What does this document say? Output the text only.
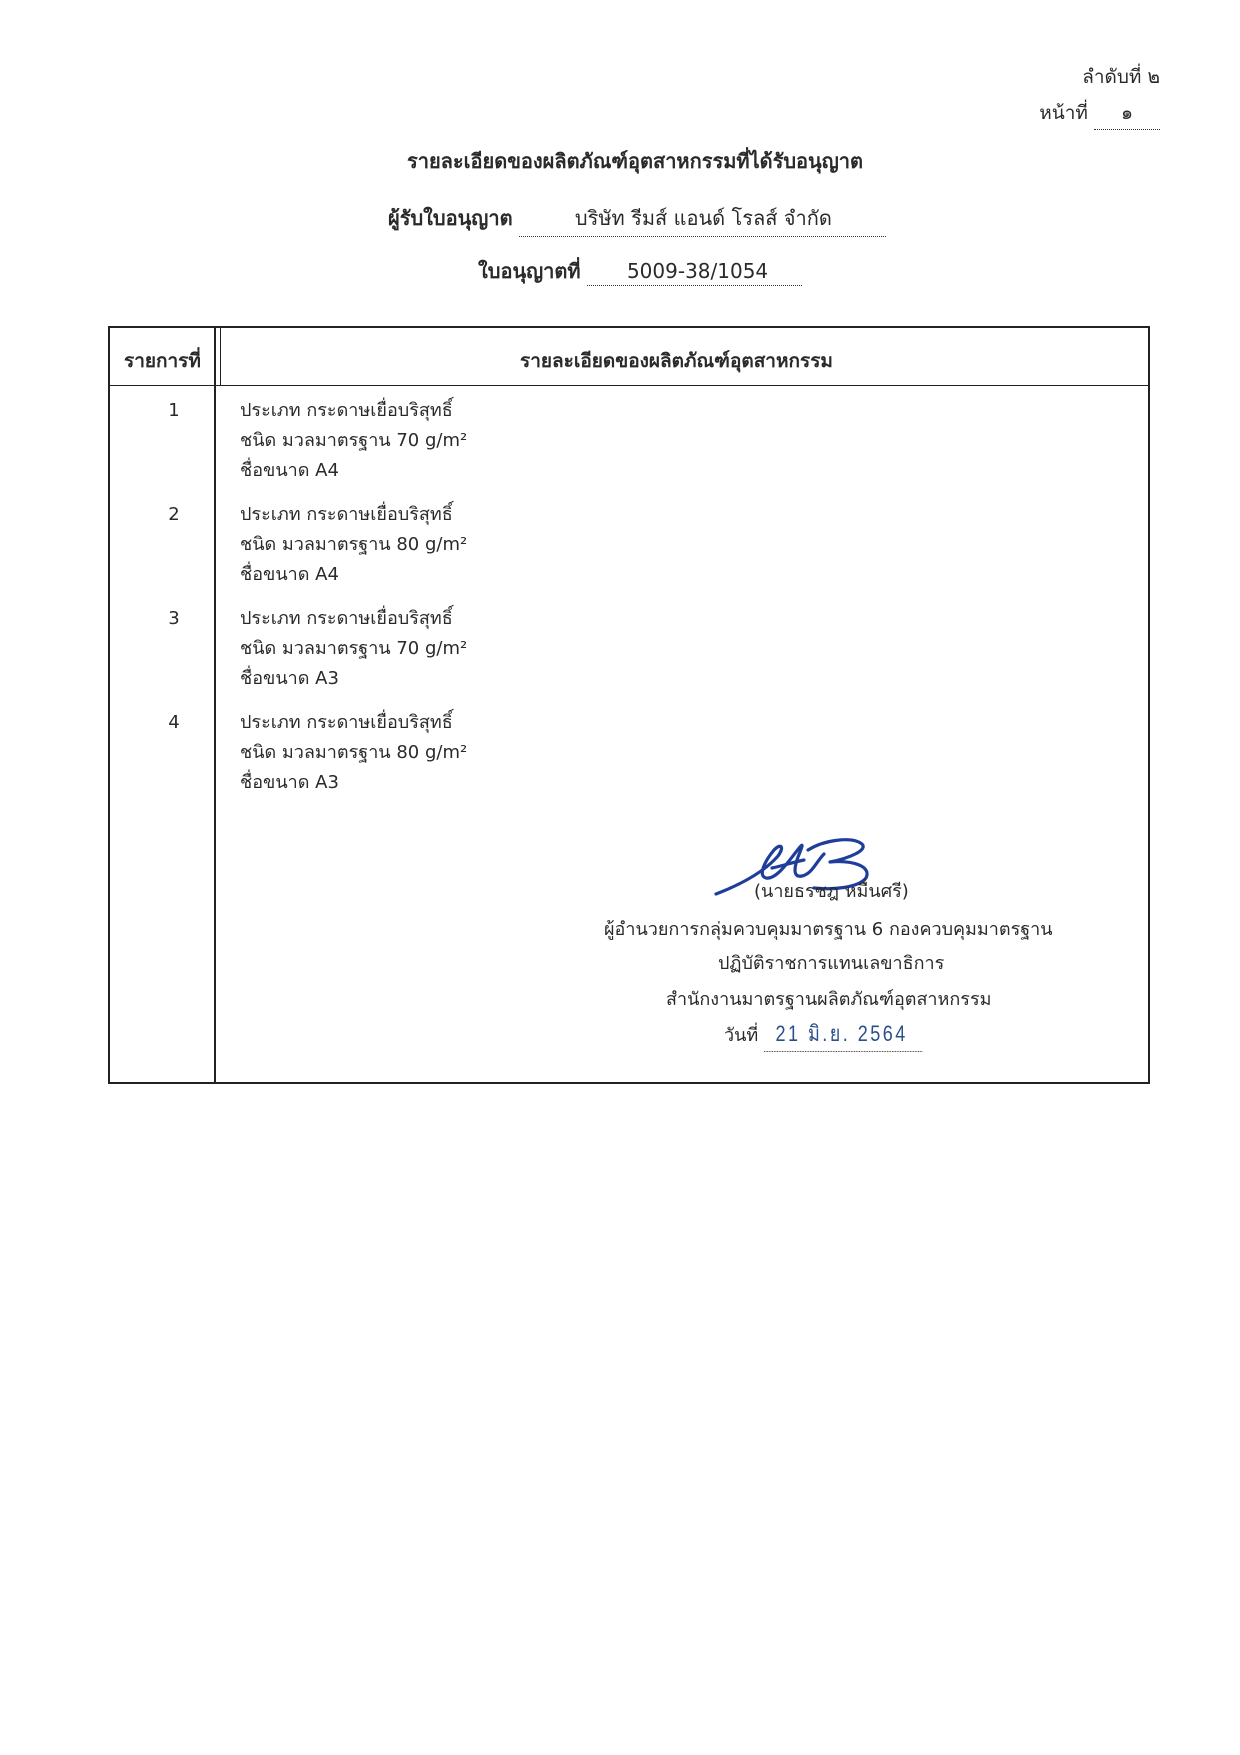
ลำดับที่ ๒
หน้าที่ ๑
รายละเอียดของผลิตภัณฑ์อุตสาหกรรมที่ได้รับอนุญาต
ผู้รับใบอนุญาต	บริษัท รีมส์ แอนด์ โรลส์ จำกัด
ใบอนุญาตที่ 5009-38/1054
รายการที่	รายละเอียดของผลิตภัณฑ์อุตสาหกรรม
1	ประเภท กระดาษเยื่อบริสุทธิ์
ชนิด มวลมาตรฐาน 70 g/m²
ชื่อขนาด A4
2	ประเภท กระดาษเยื่อบริสุทธิ์
ชนิด มวลมาตรฐาน 80 g/m²
ชื่อขนาด A4
3	ประเภท กระดาษเยื่อบริสุทธิ์
ชนิด มวลมาตรฐาน 70 g/m²
ชื่อขนาด A3
4	ประเภท กระดาษเยื่อบริสุทธิ์
ชนิด มวลมาตรฐาน 80 g/m²
ชื่อขนาด A3
(นายธรชฎ หมื่นศรี)
ผู้อำนวยการกลุ่มควบคุมมาตรฐาน 6 กองควบคุมมาตรฐาน
ปฏิบัติราชการแทนเลขาธิการ
สำนักงานมาตรฐานผลิตภัณฑ์อุตสาหกรรม
วันที่ 21 มิ.ย. 2564
